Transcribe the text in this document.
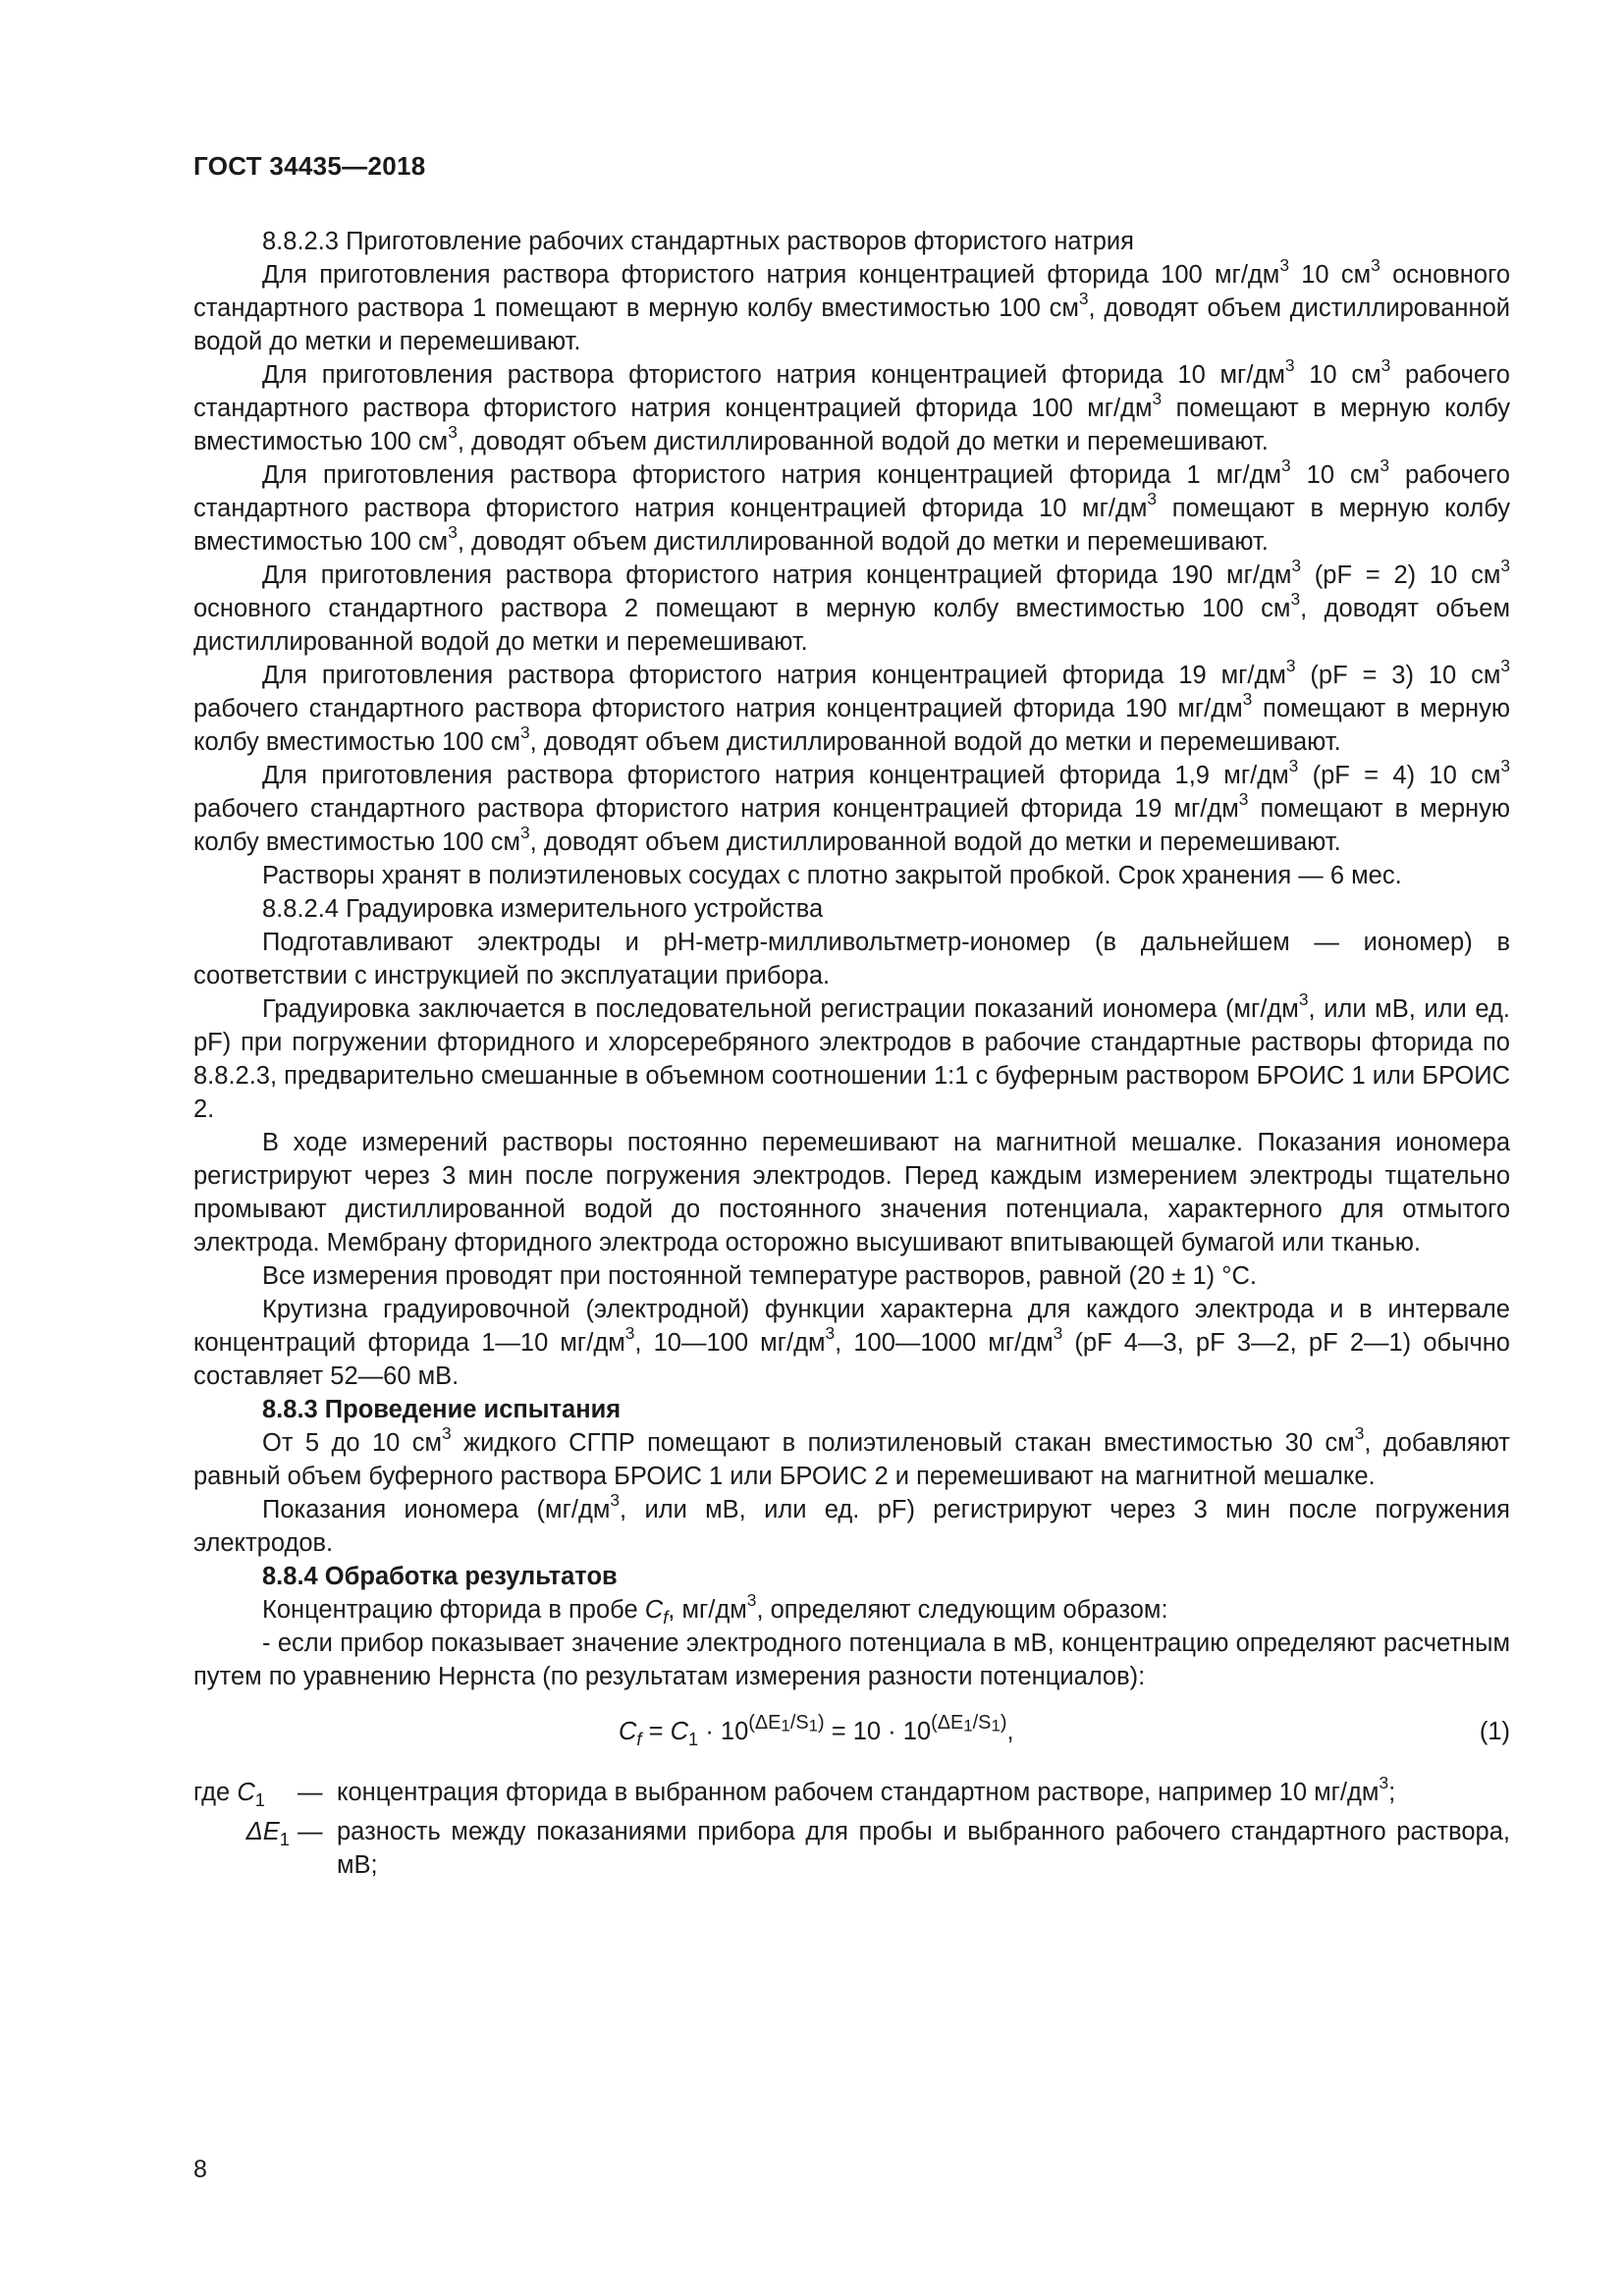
ГОСТ 34435—2018

8.8.2.3 Приготовление рабочих стандартных растворов фтористого натрия

Для приготовления раствора фтористого натрия концентрацией фторида 100 $мг/дм^3$ 10 $см^3$ основного стандартного раствора 1 помещают в мерную колбу вместимостью 100 $см^3$, доводят объем дистиллированной водой до метки и перемешивают.

Для приготовления раствора фтористого натрия концентрацией фторида 10 $мг/дм^3$ 10 $см^3$ рабочего стандартного раствора фтористого натрия концентрацией фторида 100 $мг/дм^3$ помещают в мерную колбу вместимостью 100 $см^3$, доводят объем дистиллированной водой до метки и перемешивают.

Для приготовления раствора фтористого натрия концентрацией фторида 1 $мг/дм^3$ 10 $см^3$ рабочего стандартного раствора фтористого натрия концентрацией фторида 10 $мг/дм^3$ помещают в мерную колбу вместимостью 100 $см^3$, доводят объем дистиллированной водой до метки и перемешивают.

Для приготовления раствора фтористого натрия концентрацией фторида 190 $мг/дм^3$ (pF = 2) 10 $см^3$ основного стандартного раствора 2 помещают в мерную колбу вместимостью 100 $см^3$, доводят объем дистиллированной водой до метки и перемешивают.

Для приготовления раствора фтористого натрия концентрацией фторида 19 $мг/дм^3$ (pF = 3) 10 $см^3$ рабочего стандартного раствора фтористого натрия концентрацией фторида 190 $мг/дм^3$ помещают в мерную колбу вместимостью 100 $см^3$, доводят объем дистиллированной водой до метки и перемешивают.

Для приготовления раствора фтористого натрия концентрацией фторида 1,9 $мг/дм^3$ (pF = 4) 10 $см^3$ рабочего стандартного раствора фтористого натрия концентрацией фторида 19 $мг/дм^3$ помещают в мерную колбу вместимостью 100 $см^3$, доводят объем дистиллированной водой до метки и перемешивают.

Растворы хранят в полиэтиленовых сосудах с плотно закрытой пробкой. Срок хранения — 6 мес.

8.8.2.4 Градуировка измерительного устройства

Подготавливают электроды и рН-метр-милливольтметр-иономер (в дальнейшем — иономер) в соответствии с инструкцией по эксплуатации прибора.

Градуировка заключается в последовательной регистрации показаний иономера ($мг/дм^3$, или мВ, или ед. pF) при погружении фторидного и хлорсеребряного электродов в рабочие стандартные растворы фторида по 8.8.2.3, предварительно смешанные в объемном соотношении 1:1 с буферным раствором БРОИС 1 или БРОИС 2.

В ходе измерений растворы постоянно перемешивают на магнитной мешалке. Показания иономера регистрируют через 3 мин после погружения электродов. Перед каждым измерением электроды тщательно промывают дистиллированной водой до постоянного значения потенциала, характерного для отмытого электрода. Мембрану фторидного электрода осторожно высушивают впитывающей бумагой или тканью.

Все измерения проводят при постоянной температуре растворов, равной (20 ± 1) °С.

Крутизна градуировочной (электродной) функции характерна для каждого электрода и в интервале концентраций фторида 1—10 $мг/дм^3$, 10—100 $мг/дм^3$, 100—1000 $мг/дм^3$ (pF 4—3, pF 3—2, pF 2—1) обычно составляет 52—60 мВ.

8.8.3 Проведение испытания

От 5 до 10 $см^3$ жидкого СГПР помещают в полиэтиленовый стакан вместимостью 30 $см^3$, добавляют равный объем буферного раствора БРОИС 1 или БРОИС 2 и перемешивают на магнитной мешалке.

Показания иономера ($мг/дм^3$, или мВ, или ед. pF) регистрируют через 3 мин после погружения электродов.

8.8.4 Обработка результатов

Концентрацию фторида в пробе $C_f$, $мг/дм^3$, определяют следующим образом:

- если прибор показывает значение электродного потенциала в мВ, концентрацию определяют расчетным путем по уравнению Нернста (по результатам измерения разности потенциалов):

$C_f = C_1 \cdot 10^{(\Delta E_1/S_1)} = 10 \cdot 10^{(\Delta E_1/S_1)}$,	(1)
где $C_1$	— концентрация фторида в выбранном рабочем стандартном растворе, например 10 $мг/дм^3$;
$\Delta E_1$ — разность между показаниями прибора для пробы и выбранного рабочего стандартного раствора, мВ;
8
